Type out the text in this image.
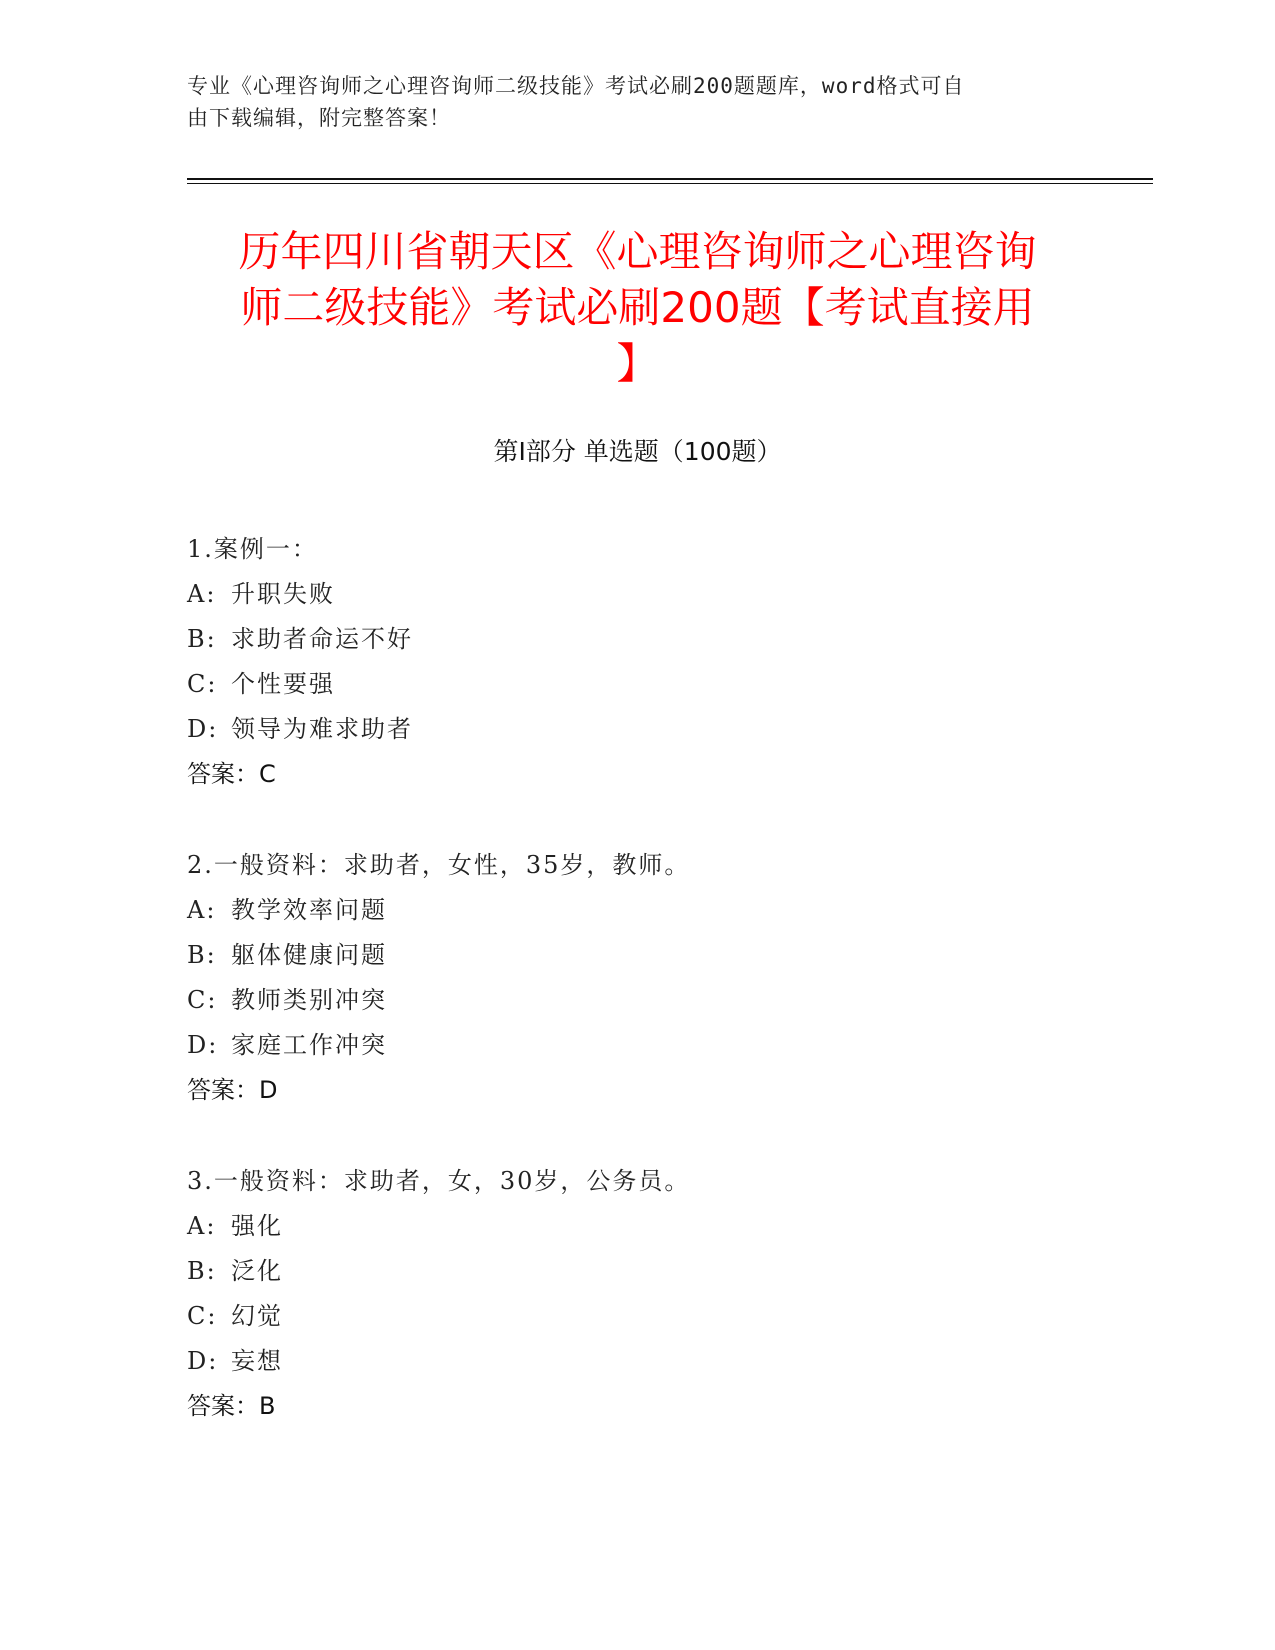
专业《心理咨询师之心理咨询师二级技能》考试必刷200题题库，word格式可自
由下载编辑，附完整答案！
历年四川省朝天区《心理咨询师之心理咨询
师二级技能》考试必刷200题【考试直接用
】
第Ⅰ部分 单选题（100题）
1.案例一：
A: 升职失败
B: 求助者命运不好
C: 个性要强
D: 领导为难求助者
答案：C
2.一般资料：求助者，女性，35岁，教师。
A: 教学效率问题
B: 躯体健康问题
C: 教师类别冲突
D: 家庭工作冲突
答案：D
3.一般资料：求助者，女，30岁，公务员。
A: 强化
B: 泛化
C: 幻觉
D: 妄想
答案：B
